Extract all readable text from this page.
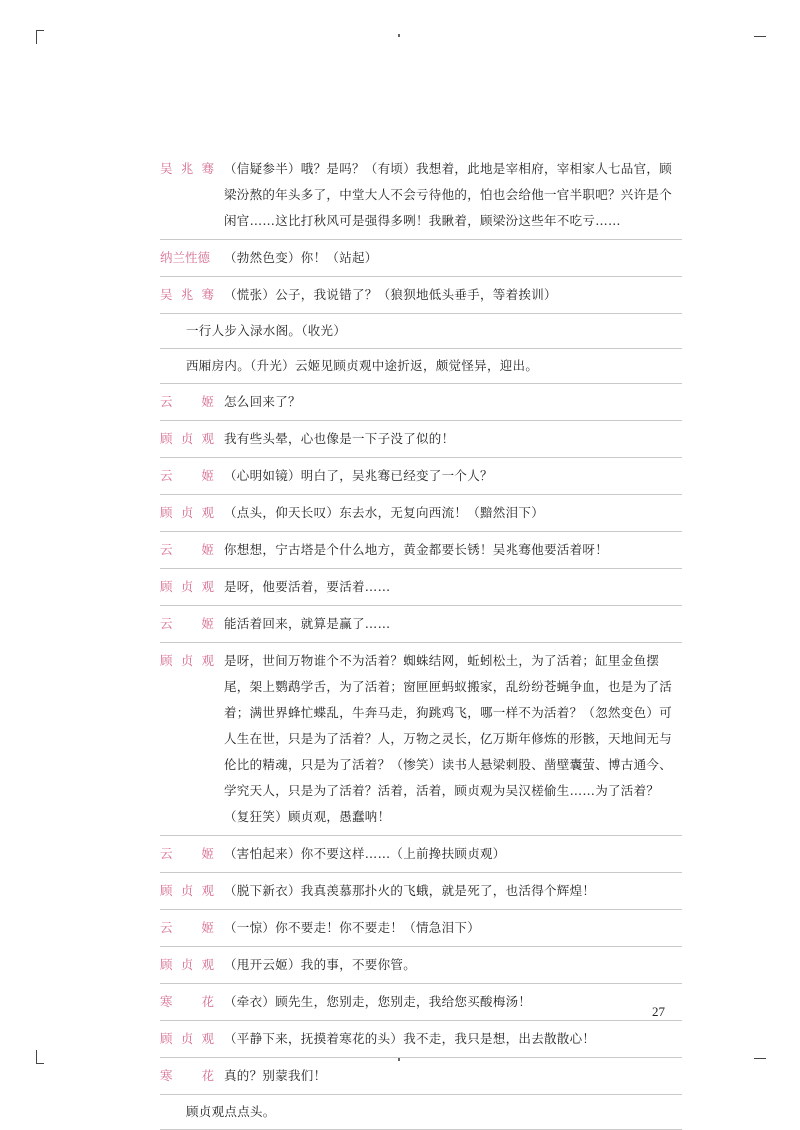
吴兆骞 （信疑参半）哦？是吗？（有顷）我想着，此地是宰相府，宰相家人七品官，顾梁汾熬的年头多了，中堂大人不会亏待他的，怕也会给他一官半职吧？兴许是个闲官……这比打秋风可是强得多咧！我瞅着，顾梁汾这些年不吃亏……
纳兰性德	（勃然色变）你！（站起）
吴兆骞 （慌张）公子，我说错了？（狼狈地低头垂手，等着挨训）
一行人步入渌水阁。（收光）
西厢房内。（升光）云姬见顾贞观中途折返，颇觉怪异，迎出。
云姬 怎么回来了？
顾贞观 我有些头晕，心也像是一下子没了似的！
云姬 （心明如镜）明白了，吴兆骞已经变了一个人？
顾贞观 （点头，仰天长叹）东去水，无复向西流！（黯然泪下）
云姬 你想想，宁古塔是个什么地方，黄金都要长锈！吴兆骞他要活着呀！
顾贞观 是呀，他要活着，要活着……
云姬 能活着回来，就算是赢了……
顾贞观 是呀，世间万物谁个不为活着？蜘蛛结网，蚯蚓松土，为了活着；缸里金鱼摆尾，架上鹦鹉学舌，为了活着；窗匣匣蚂蚁搬家，乱纷纷苍蝇争血，也是为了活着；满世界蜂忙蝶乱，牛奔马走，狗跳鸡飞，哪一样不为活着？（忽然变色）可人生在世，只是为了活着？人，万物之灵长，亿万斯年修炼的形骸，天地间无与伦比的精魂，只是为了活着？（惨笑）读书人悬梁刺股、凿壁囊萤、博古通今、学究天人，只是为了活着？活着，活着，顾贞观为吴汉槎偷生……为了活着？（复狂笑）顾贞观，愚蠢呐！
云姬 （害怕起来）你不要这样……（上前搀扶顾贞观）
顾贞观 （脱下新衣）我真羡慕那扑火的飞蛾，就是死了，也活得个辉煌！
云姬 （一惊）你不要走！你不要走！（情急泪下）
顾贞观 （甩开云姬）我的事，不要你管。
寒花 （牵衣）顾先生，您别走，您别走，我给您买酸梅汤！
顾贞观 （平静下来，抚摸着寒花的头）我不走，我只是想，出去散散心！
寒花 真的？别蒙我们！
顾贞观点点头。
27
